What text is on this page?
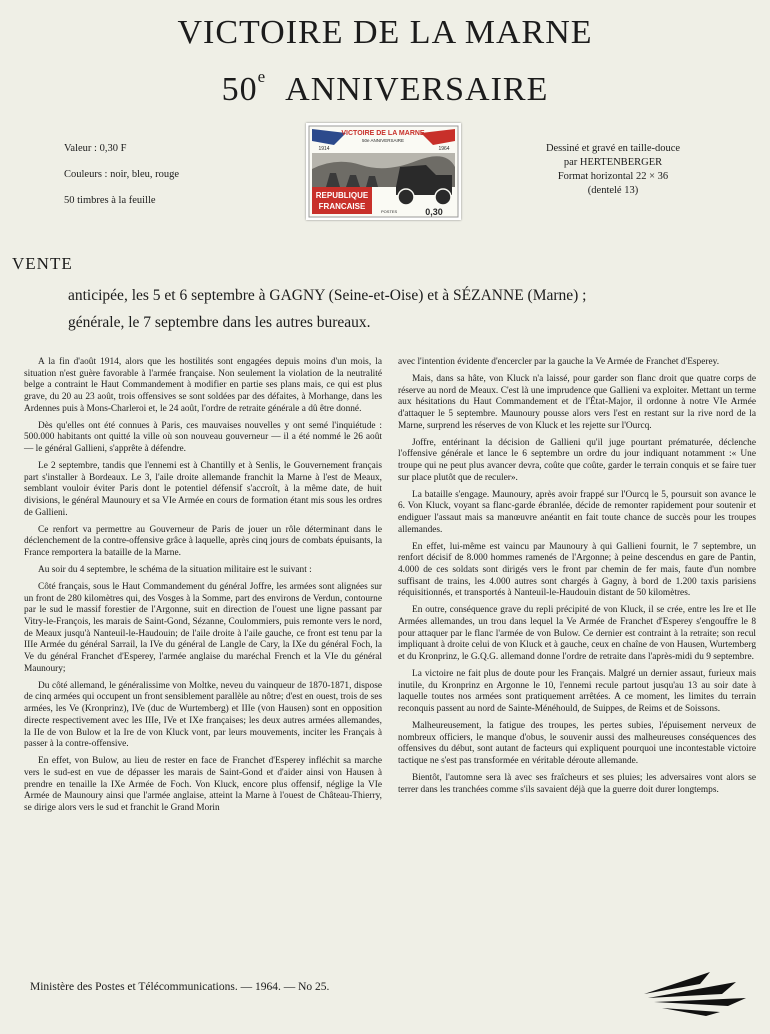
VICTOIRE DE LA MARNE
50e ANNIVERSAIRE
Valeur : 0,30 F
Couleurs : noir, bleu, rouge
50 timbres à la feuille
VICTOIRE DE LA MARNE
50e ANNIVERSAIRE
1914	1964
REPUBLIQUE
FRANCAISE
POSTES	0,30
Dessiné et gravé en taille-douce
par HERTENBERGER
Format horizontal 22 × 36
(dentelé 13)
VENTE
anticipée, les 5 et 6 septembre à GAGNY (Seine-et-Oise) et à SÉZANNE (Marne) ;
générale, le 7 septembre dans les autres bureaux.

A la fin d'août 1914, alors que les hostilités sont engagées depuis moins d'un mois, la situation n'est guère favorable à l'armée française. Non seulement la violation de la neutralité belge a contraint le Haut Commandement à modifier en partie ses plans mais, ce qui est plus grave, du 20 au 23 août, trois offensives se sont soldées par des défaites, à Morhange, dans les Ardennes puis à Mons-Charleroi et, le 24 août, l'ordre de retraite générale a dû être donné.

Dès qu'elles ont été connues à Paris, ces mauvaises nouvelles y ont semé l'inquiétude : 500.000 habitants ont quitté la ville où son nouveau gouverneur — il a été nommé le 26 août — le général Gallieni, s'apprête à défendre.

Le 2 septembre, tandis que l'ennemi est à Chantilly et à Senlis, le Gouvernement français part s'installer à Bordeaux. Le 3, l'aile droite allemande franchit la Marne à l'est de Meaux, semblant vouloir éviter Paris dont le potentiel défensif s'accroît, à la même date, de huit divisions, le général Maunoury et sa VIe Armée en cours de formation étant mis sous les ordres de Gallieni.

Ce renfort va permettre au Gouverneur de Paris de jouer un rôle déterminant dans le déclenchement de la contre-offensive grâce à laquelle, après cinq jours de combats épuisants, la France remportera la bataille de la Marne.

Au soir du 4 septembre, le schéma de la situation militaire est le suivant :

Côté français, sous le Haut Commandement du général Joffre, les armées sont alignées sur un front de 280 kilomètres qui, des Vosges à la Somme, part des environs de Verdun, contourne par le sud le massif forestier de l'Argonne, suit en direction de l'ouest une ligne passant par Vitry-le-François, les marais de Saint-Gond, Sézanne, Coulommiers, puis remonte vers le nord, de Meaux jusqu'à Nanteuil-le-Haudouin; de l'aile droite à l'aile gauche, ce front est tenu par la IIIe Armée du général Sarrail, la IVe du général de Langle de Cary, la IXe du général Foch, la Ve du général Franchet d'Esperey, l'armée anglaise du maréchal French et la VIe du général Maunoury;

Du côté allemand, le généralissime von Moltke, neveu du vainqueur de 1870-1871, dispose de cinq armées qui occupent un front sensiblement parallèle au nôtre; d'est en ouest, trois de ses armées, les Ve (Kronprinz), IVe (duc de Wurtemberg) et IIIe (von Hausen) sont en opposition directe respectivement avec les IIIe, IVe et IXe françaises; les deux autres armées allemandes, la IIe de von Bulow et la Ire de von Kluck vont, par leurs mouvements, inciter les Français à passer à la contre-offensive.

En effet, von Bulow, au lieu de rester en face de Franchet d'Esperey infléchit sa marche vers le sud-est en vue de dépasser les marais de Saint-Gond et d'aider ainsi von Hausen à prendre en tenaille la IXe Armée de Foch. Von Kluck, encore plus offensif, néglige la VIe Armée de Maunoury ainsi que l'armée anglaise, atteint la Marne à l'ouest de Château-Thierry, se dirige alors vers le sud et franchit le Grand Morin

avec l'intention évidente d'encercler par la gauche la Ve Armée de Franchet d'Esperey.

Mais, dans sa hâte, von Kluck n'a laissé, pour garder son flanc droit que quatre corps de réserve au nord de Meaux. C'est là une imprudence que Gallieni va exploiter. Mettant un terme aux hésitations du Haut Commandement et de l'État-Major, il ordonne à notre VIe Armée d'attaquer le 5 septembre. Maunoury pousse alors vers l'est en restant sur la rive nord de la Marne, surprend les réserves de von Kluck et les rejette sur l'Ourcq.

Joffre, entérinant la décision de Gallieni qu'il juge pourtant prématurée, déclenche l'offensive générale et lance le 6 septembre un ordre du jour indiquant notamment :« Une troupe qui ne peut plus avancer devra, coûte que coûte, garder le terrain conquis et se faire tuer sur place plutôt que de reculer».

La bataille s'engage. Maunoury, après avoir frappé sur l'Ourcq le 5, poursuit son avance le 6. Von Kluck, voyant sa flanc-garde ébranlée, décide de remonter rapidement pour soutenir et endiguer l'assaut mais sa manœuvre anéantit en fait toute chance de succès pour les troupes allemandes.

En effet, lui-même est vaincu par Maunoury à qui Gallieni fournit, le 7 septembre, un renfort décisif de 8.000 hommes ramenés de l'Argonne; à peine descendus en gare de Pantin, 4.000 de ces soldats sont dirigés vers le front par chemin de fer mais, faute d'un nombre suffisant de trains, les 4.000 autres sont chargés à Gagny, à bord de 1.200 taxis parisiens réquisitionnés, et transportés à Nanteuil-le-Haudouin distant de 50 kilomètres.

En outre, conséquence grave du repli précipité de von Kluck, il se crée, entre les Ire et IIe Armées allemandes, un trou dans lequel la Ve Armée de Franchet d'Esperey s'engouffre le 8 pour attaquer par le flanc l'armée de von Bulow. Ce dernier est contraint à la retraite; son recul impliquant à droite celui de von Kluck et à gauche, ceux en chaîne de von Hausen, Wurtemberg et du Kronprinz, le G.Q.G. allemand donne l'ordre de retraite dans l'après-midi du 9 septembre.

La victoire ne fait plus de doute pour les Français. Malgré un dernier assaut, furieux mais inutile, du Kronprinz en Argonne le 10, l'ennemi recule partout jusqu'au 13 au soir date à laquelle toutes nos armées sont pratiquement arrêtées. A ce moment, les limites du terrain reconquis passent au nord de Sainte-Ménéhould, de Suippes, de Reims et de Soissons.

Malheureusement, la fatigue des troupes, les pertes subies, l'épuisement nerveux de nombreux officiers, le manque d'obus, le souvenir aussi des malheureuses conséquences des offensives du début, sont autant de facteurs qui expliquent pourquoi une incontestable victoire tactique ne s'est pas transformée en véritable déroute allemande.

Bientôt, l'automne sera là avec ses fraîcheurs et ses pluies; les adversaires vont alors se terrer dans les tranchées comme s'ils savaient déjà que la guerre doit durer longtemps.

Ministère des Postes et Télécommunications. — 1964. — No 25.
